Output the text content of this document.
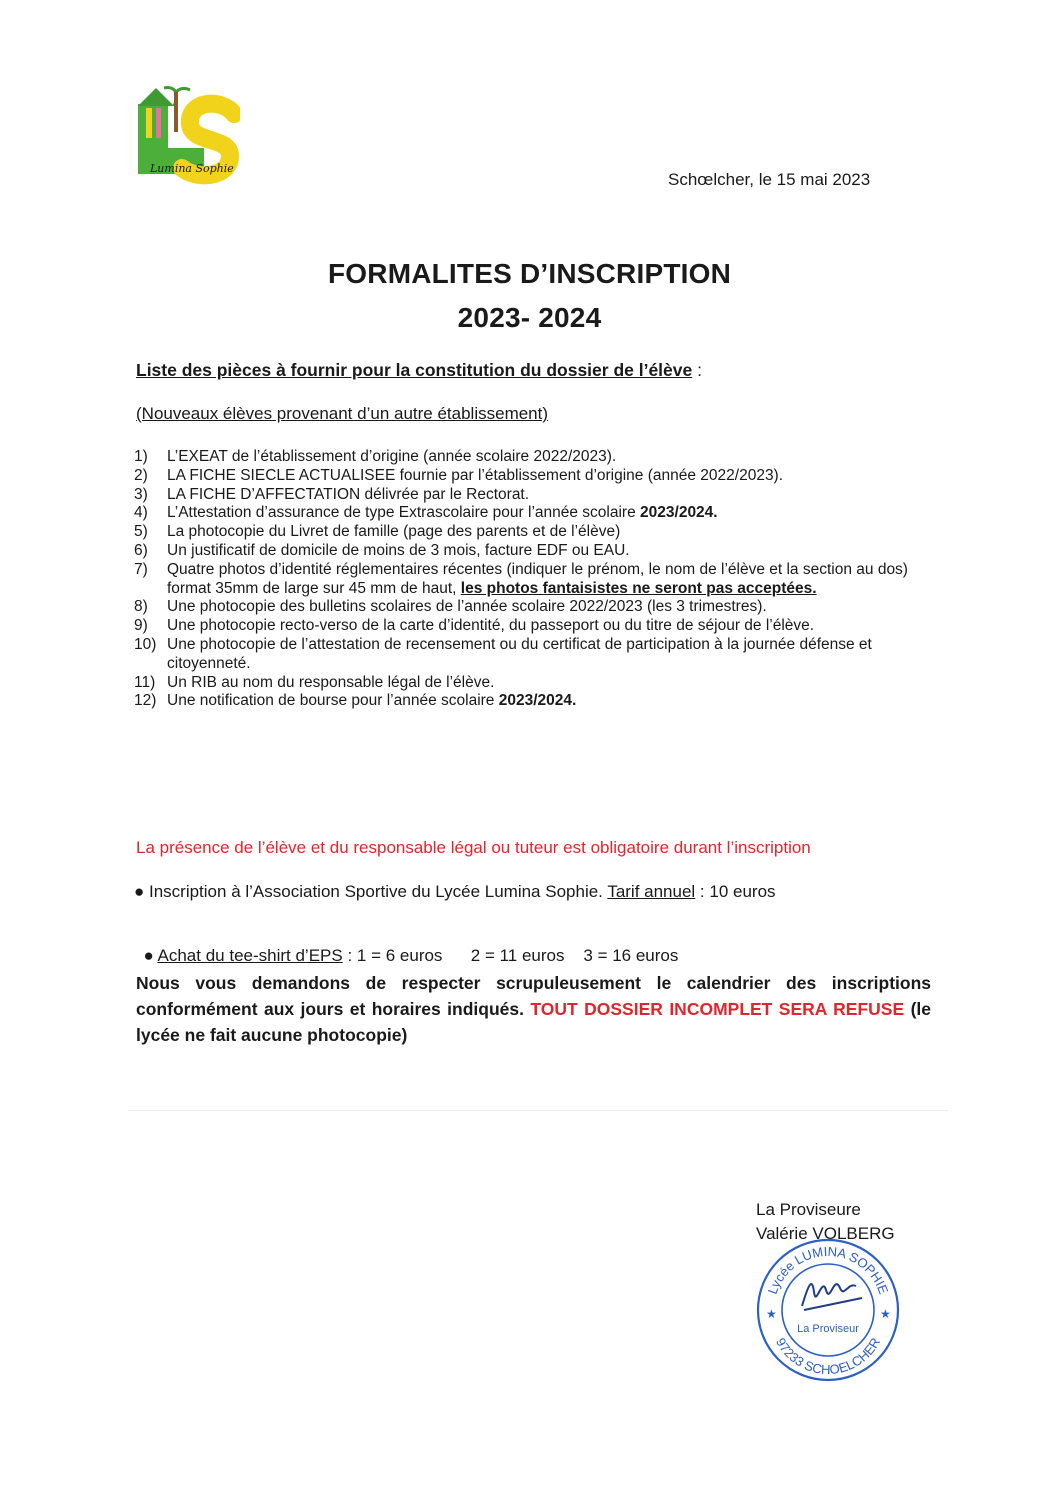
Lumina Sophie
Schœlcher, le 15 mai 2023
FORMALITES D’INSCRIPTION
2023- 2024
Liste des pièces à fournir pour la constitution du dossier de l’élève :
(Nouveaux élèves provenant d’un autre établissement)
1) L’EXEAT de l’établissement d’origine (année scolaire 2022/2023).
2) LA FICHE SIECLE ACTUALISEE fournie par l’établissement d’origine (année 2022/2023).
3) LA FICHE D’AFFECTATION délivrée par le Rectorat.
4) L’Attestation d’assurance de type Extrascolaire pour l’année scolaire 2023/2024.
5) La photocopie du Livret de famille (page des parents et de l’élève)
6) Un justificatif de domicile de moins de 3 mois, facture EDF ou EAU.
7) Quatre photos d’identité réglementaires récentes (indiquer le prénom, le nom de l’élève et la section au dos) format 35mm de large sur 45 mm de haut, les photos fantaisistes ne seront pas acceptées.
8) Une photocopie des bulletins scolaires de l’année scolaire 2022/2023 (les 3 trimestres).
9) Une photocopie recto-verso de la carte d’identité, du passeport ou du titre de séjour de l’élève.
10) Une photocopie de l’attestation de recensement ou du certificat de participation à la journée défense et citoyenneté.
11) Un RIB au nom du responsable légal de l’élève.
12) Une notification de bourse pour l’année scolaire 2023/2024.
La présence de l’élève et du responsable légal ou tuteur est obligatoire durant l’inscription
● Inscription à l’Association Sportive du Lycée Lumina Sophie. Tarif annuel : 10 euros

● Achat du tee-shirt d’EPS : 1 = 6 euros      2 = 11 euros    3 = 16 euros

Nous vous demandons de respecter scrupuleusement le calendrier des inscriptions conformément aux jours et horaires indiqués. TOUT DOSSIER INCOMPLET SERA REFUSE (le lycée ne fait aucune photocopie)
Lycée LUMINA SOPHIE
97233 SCHOELCHER
La Proviseur
★	★
La Proviseure
Valérie VOLBERG
